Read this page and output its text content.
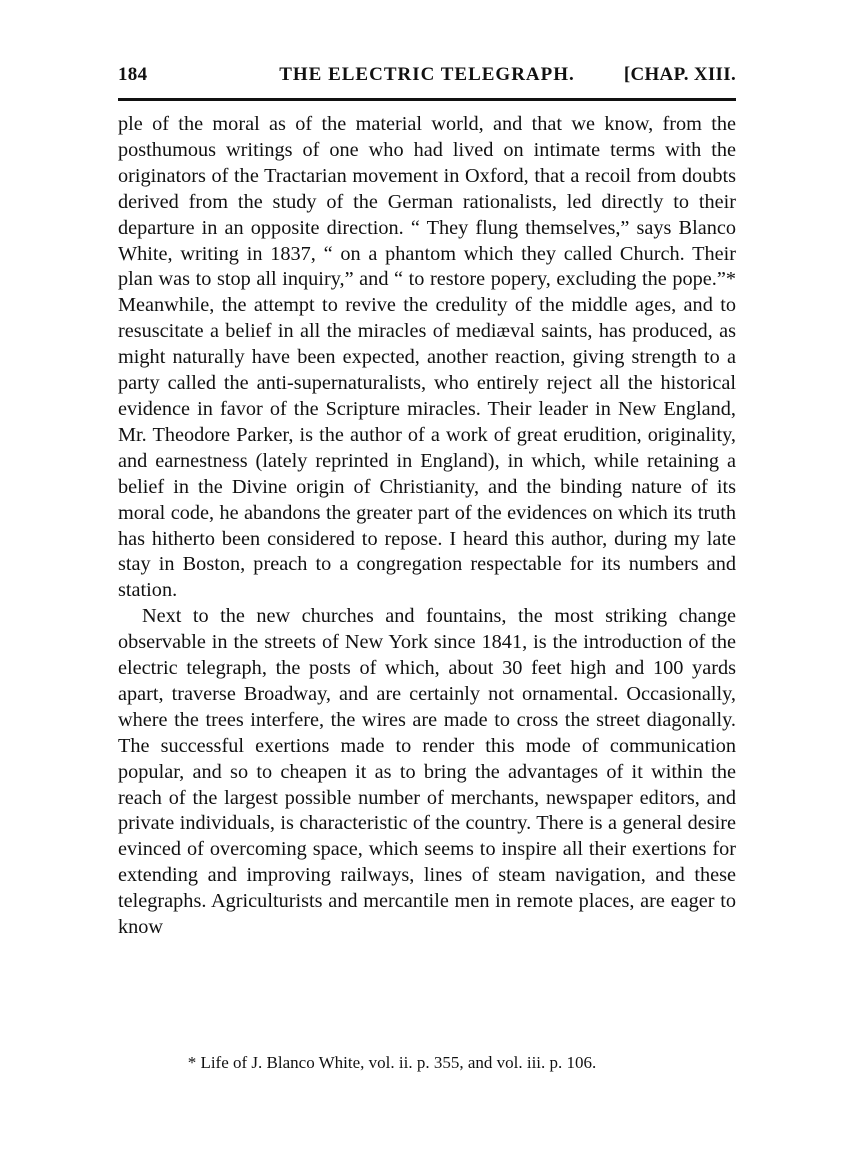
184	THE ELECTRIC TELEGRAPH.	[CHAP. XIII.

ple of the moral as of the material world, and that we know, from the posthumous writings of one who had lived on intimate terms with the originators of the Tractarian movement in Oxford, that a recoil from doubts derived from the study of the German rationalists, led directly to their departure in an opposite direction. “ They flung themselves,” says Blanco White, writing in 1837, “ on a phantom which they called Church. Their plan was to stop all inquiry,” and “ to restore popery, excluding the pope.”* Meanwhile, the attempt to revive the credulity of the middle ages, and to resuscitate a belief in all the miracles of mediæval saints, has produced, as might naturally have been expected, another reaction, giving strength to a party called the anti-supernaturalists, who entirely reject all the historical evidence in favor of the Scripture miracles. Their leader in New England, Mr. Theodore Parker, is the author of a work of great erudition, originality, and earnestness (lately reprinted in England), in which, while retaining a belief in the Divine origin of Christianity, and the binding nature of its moral code, he abandons the greater part of the evidences on which its truth has hitherto been considered to repose. I heard this author, during my late stay in Boston, preach to a congregation respectable for its numbers and station.

Next to the new churches and fountains, the most striking change observable in the streets of New York since 1841, is the introduction of the electric telegraph, the posts of which, about 30 feet high and 100 yards apart, traverse Broadway, and are certainly not ornamental. Occasionally, where the trees interfere, the wires are made to cross the street diagonally. The successful exertions made to render this mode of communication popular, and so to cheapen it as to bring the advantages of it within the reach of the largest possible number of merchants, newspaper editors, and private individuals, is characteristic of the country. There is a general desire evinced of overcoming space, which seems to inspire all their exertions for extending and improving railways, lines of steam navigation, and these telegraphs. Agriculturists and mercantile men in remote places, are eager to know

* Life of J. Blanco White, vol. ii. p. 355, and vol. iii. p. 106.
